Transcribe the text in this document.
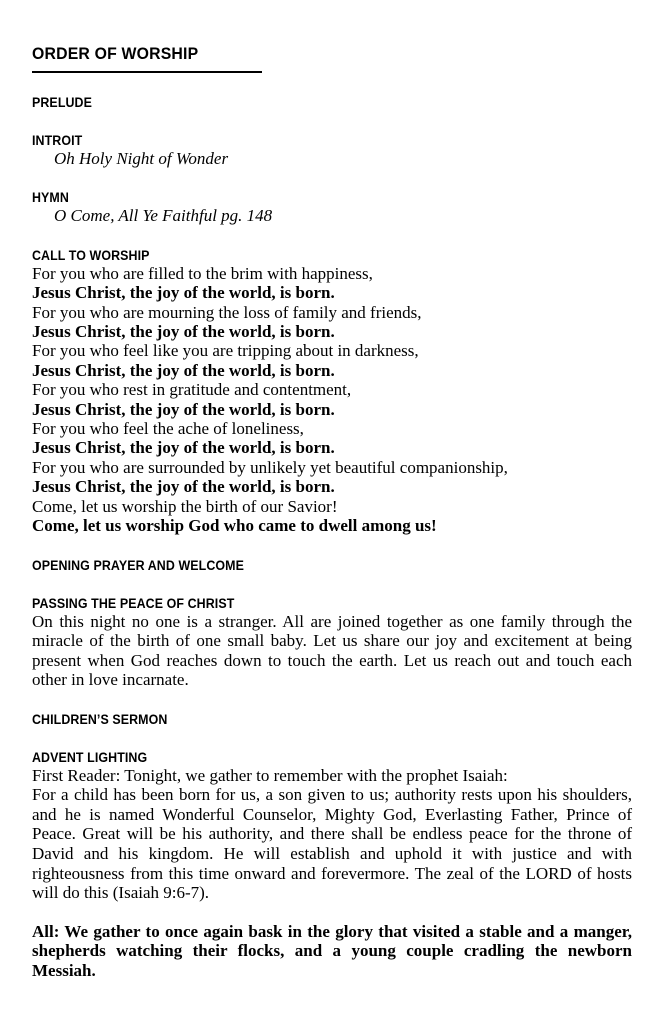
ORDER OF WORSHIP
PRELUDE
INTROIT
Oh Holy Night of Wonder
HYMN
O Come, All Ye Faithful pg. 148
CALL TO WORSHIP
For you who are filled to the brim with happiness,
Jesus Christ, the joy of the world, is born.
For you who are mourning the loss of family and friends,
Jesus Christ, the joy of the world, is born.
For you who feel like you are tripping about in darkness,
Jesus Christ, the joy of the world, is born.
For you who rest in gratitude and contentment,
Jesus Christ, the joy of the world, is born.
For you who feel the ache of loneliness,
Jesus Christ, the joy of the world, is born.
For you who are surrounded by unlikely yet beautiful companionship,
Jesus Christ, the joy of the world, is born.
Come, let us worship the birth of our Savior!
Come, let us worship God who came to dwell among us!
OPENING PRAYER AND WELCOME
PASSING THE PEACE OF CHRIST

On this night no one is a stranger. All are joined together as one family through the miracle of the birth of one small baby. Let us share our joy and excitement at being present when God reaches down to touch the earth. Let us reach out and touch each other in love incarnate.

CHILDREN’S SERMON
ADVENT LIGHTING
First Reader: Tonight, we gather to remember with the prophet Isaiah:

For a child has been born for us, a son given to us; authority rests upon his shoulders, and he is named Wonderful Counselor, Mighty God, Everlasting Father, Prince of Peace. Great will be his authority, and there shall be endless peace for the throne of David and his kingdom. He will establish and uphold it with justice and with righteousness from this time onward and forevermore. The zeal of the LORD of hosts will do this (Isaiah 9:6-7).

All: We gather to once again bask in the glory that visited a stable and a manger, shepherds watching their flocks, and a young couple cradling the newborn Messiah.
